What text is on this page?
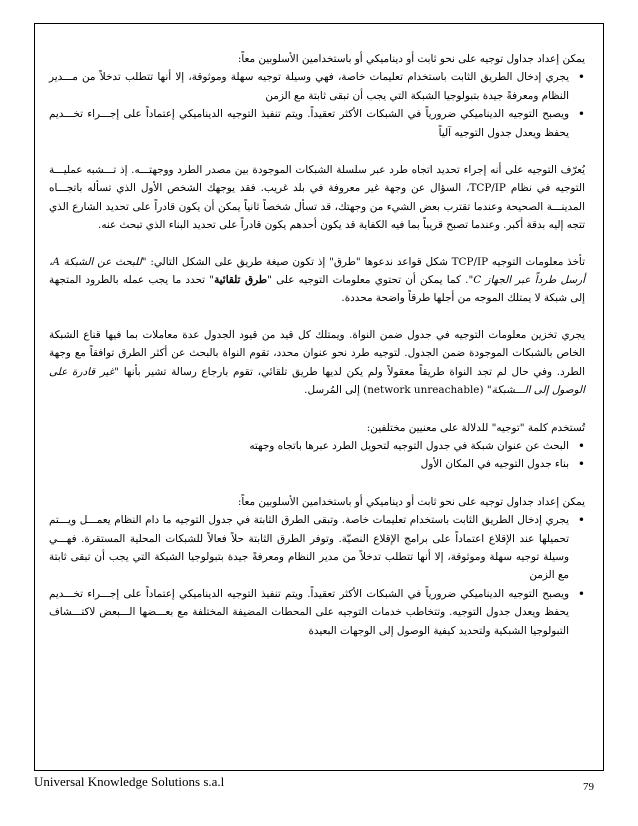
يمكن إعداد جداول توجيه على نحو ثابت أو ديناميكي أو باستخدامين الأسلوبين معاً:

• يجري إدخال الطريق الثابت باستخدام تعليمات خاصة، فهي وسيلة توجيه سهلة وموثوقة، إلا أنها تتطلب تدخلاً من مـــدير النظام ومعرفةً جيدة بتبولوجيا الشبكة التي يجب أن تبقى ثابتة مع الزمن
• ويصبح التوجيه الديناميكي ضرورياً في الشبكات الأكثر تعقيداً. ويتم تنفيذ التوجيه الديناميكي إعتماداً على إجـــراء تخـــديم يحفظ ويعدل جدول التوجيه آلياً

يُعرّف التوجيه على أنه إجراء تحديد اتجاه طرد عبر سلسلة الشبكات الموجودة بين مصدر الطرد ووجهتـــه. إذ تـــشبه عمليـــة التوجيه في نظام TCP/IP، السؤال عن وجهة غير معروفة في بلد غريب. فقد يوجهك الشخص الأول الذي تسأله باتجـــاه المدينـــة الصحيحة وعندما تقترب بعض الشيء من وجهتك، قد تسأل شخصاً ثانياً يمكن أن يكون قادراً على تحديد الشارع الذي تتجه إليه بدقة أكبر. وعندما تصبح قريباً بما فيه الكفاية قد يكون أحدهم يكون قادراً على تحديد البناء الذي تبحث عنه.

تأخذ معلومات التوجيه TCP/IP شكل قواعد ندعوها "طرق" إذ تكون صيغة طريق على الشكل التالي: "للبحث عن الشبكة A، أرسل طرداً عبر الجهاز C". كما يمكن أن تحتوي معلومات التوجيه على "طرق تلقائية" تحدد ما يجب عمله بالطرود المتجهة إلى شبكة لا يمتلك الموجه من أجلها طرقاً واضحة محددة.

يجري تخزين معلومات التوجيه في جدول ضمن النواة. ويمتلك كل قيد من قيود الجدول عدة معاملات بما فيها قناع الشبكة الخاص بالشبكات الموجودة ضمن الجدول. لتوجيه طرد نحو عنوان محدد، تقوم النواة بالبحث عن أكثر الطرق توافقاً مع وجهة الطرد. وفي حال لم تجد النواة طريقاً معقولاً ولم يكن لديها طريق تلقائي، تقوم بارجاع رسالة تشير بأنها "غير قادرة على الوصول إلى الـــشبكة" (network unreachable) إلى المُرسل.

تُستخدم كلمة "توجيه" للدلالة على معنيين مختلفين:

• البحث عن عنوان شبكة في جدول التوجيه لتحويل الطرد عبرها باتجاه وجهته
• بناء جدول التوجيه في المكان الأول

يمكن إعداد جداول توجيه على نحو ثابت أو ديناميكي أو باستخدامين الأسلوبين معاً:

• يجري إدخال الطريق الثابت باستخدام تعليمات خاصة. وتبقى الطرق الثابتة في جدول التوجيه ما دام النظام يعمـــل ويـــتم تحميلها عند الإقلاع اعتماداً على برامج الإقلاع النصيّة. وتوفر الطرق الثابتة حلاً فعالاً للشبكات المحلية المستقرة. فهـــي وسيلة توجيه سهلة وموثوقة، إلا أنها تتطلب تدخلاً من مدير النظام ومعرفةً جيدة بتبولوجيا الشبكة التي يجب أن تبقى ثابتة مع الزمن
• ويصبح التوجيه الديناميكي ضرورياً في الشبكات الأكثر تعقيداً. ويتم تنفيذ التوجيه الديناميكي إعتماداً على إجـــراء تخـــديم يحفظ ويعدل جدول التوجيه. وتتخاطب خدمات التوجيه على المحطات المضيفة المختلفة مع بعـــضها الـــبعض لاكتـــشاف التبولوجيا الشبكية ولتحديد كيفية الوصول إلى الوجهات البعيدة
Universal Knowledge Solutions s.a.l	79
